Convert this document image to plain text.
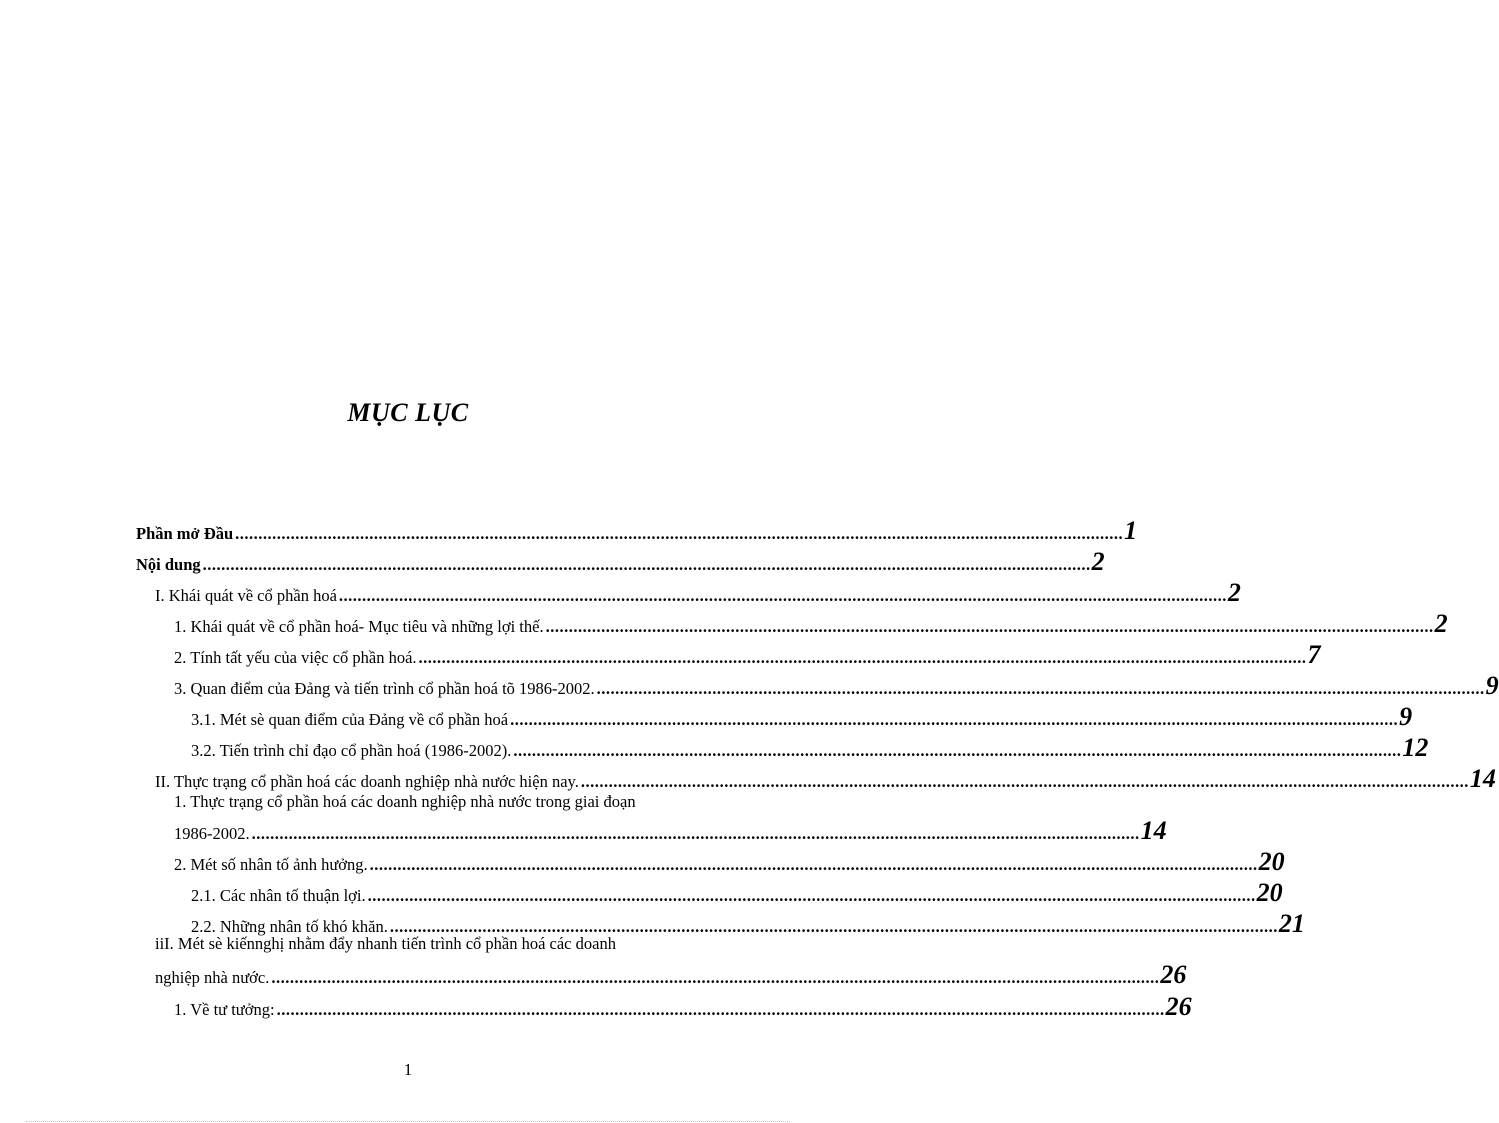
MỤC LỤC
Phần mở Đầu ................................................................................................................................................................................................ 1
Nội dung ................................................................................................................................................................................................ 2
I. Khái quát về cổ phần hoá ................................................................................................................................................................................................ 2
1. Khái quát về cổ phần hoá- Mục tiêu và những lợi thế. ................................................................................................................................................................................................ 2
2. Tính tất yếu của việc cổ phần hoá. ................................................................................................................................................................................................ 7
3. Quan điểm của Đảng và tiến trình cổ phần hoá tõ 1986-2002. ................................................................................................................................................................................................ 9
3.1. Mét sè quan điểm của Đảng về cổ phần hoá ................................................................................................................................................................................................ 9
3.2. Tiến trình chỉ đạo cổ phần hoá (1986-2002). ................................................................................................................................................................................................ 12
II. Thực trạng cổ phần hoá các doanh nghiệp nhà nước hiện nay. ................................................................................................................................................................................................ 14
1. Thực trạng cổ phần hoá các doanh nghiệp nhà nước trong giai đoạn
1986-2002. ................................................................................................................................................................................................ 14
2. Mét số nhân tố ảnh hưởng. ................................................................................................................................................................................................ 20
2.1. Các nhân tố thuận lợi. ................................................................................................................................................................................................ 20
2.2. Những nhân tố khó khăn. ................................................................................................................................................................................................ 21
iiI. Mét sè kiếnnghị nhằm đẩy nhanh tiến trình cổ phần hoá các doanh
nghiệp nhà nước. ................................................................................................................................................................................................ 26
1. Về tư tưởng: ................................................................................................................................................................................................ 26
1
